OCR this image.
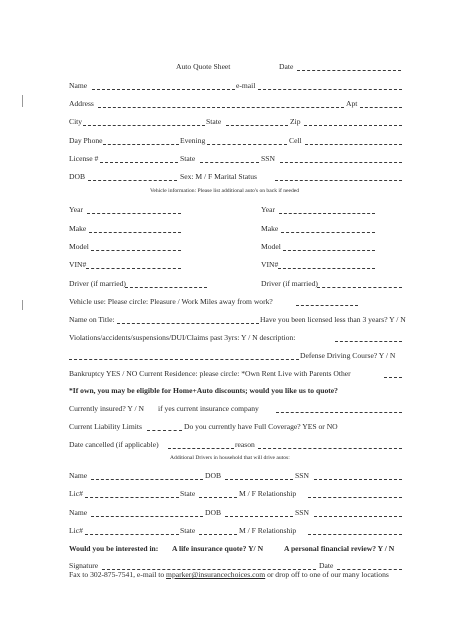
Auto Quote Sheet	Date
Name	e-mail
Address	Apt
City	State	Zip
Day Phone	Evening	Cell
License #	State	SSN
DOB	Sex: M / F Marital Status
Vehicle information: Please list additional auto's on back if needed
Year	Year
Make	Make
Model	Model
VIN#	VIN#
Driver (if married)	Driver (if married)
Vehicle use: Please circle: Pleasure / Work Miles away from work?
Name on Title:	Have you been licensed less than 3 years? Y / N
Violations/accidents/suspensions/DUI/Claims past 3yrs: Y / N description:
Defense Driving Course? Y / N
Bankruptcy YES / NO Current Residence: please circle: *Own Rent Live with Parents Other
*If own, you may be eligible for Home+Auto discounts; would you like us to quote?
Currently insured? Y / N if yes current insurance company
Current Liability Limits	Do you currently have Full Coverage? YES or NO
Date cancelled (if applicable)	reason
Additional Drivers in household that will drive autos:
Name	DOB	SSN
Lic#	State	M / F Relationship
Name	DOB	SSN
Lic#	State	M / F Relationship
Would you be interested in: A life insurance quote? Y/ N	A personal financial review? Y / N
Signature	Date
Fax to 302-875-7541, e-mail to mparker@insurancechoices.com or drop off to one of our many locations
